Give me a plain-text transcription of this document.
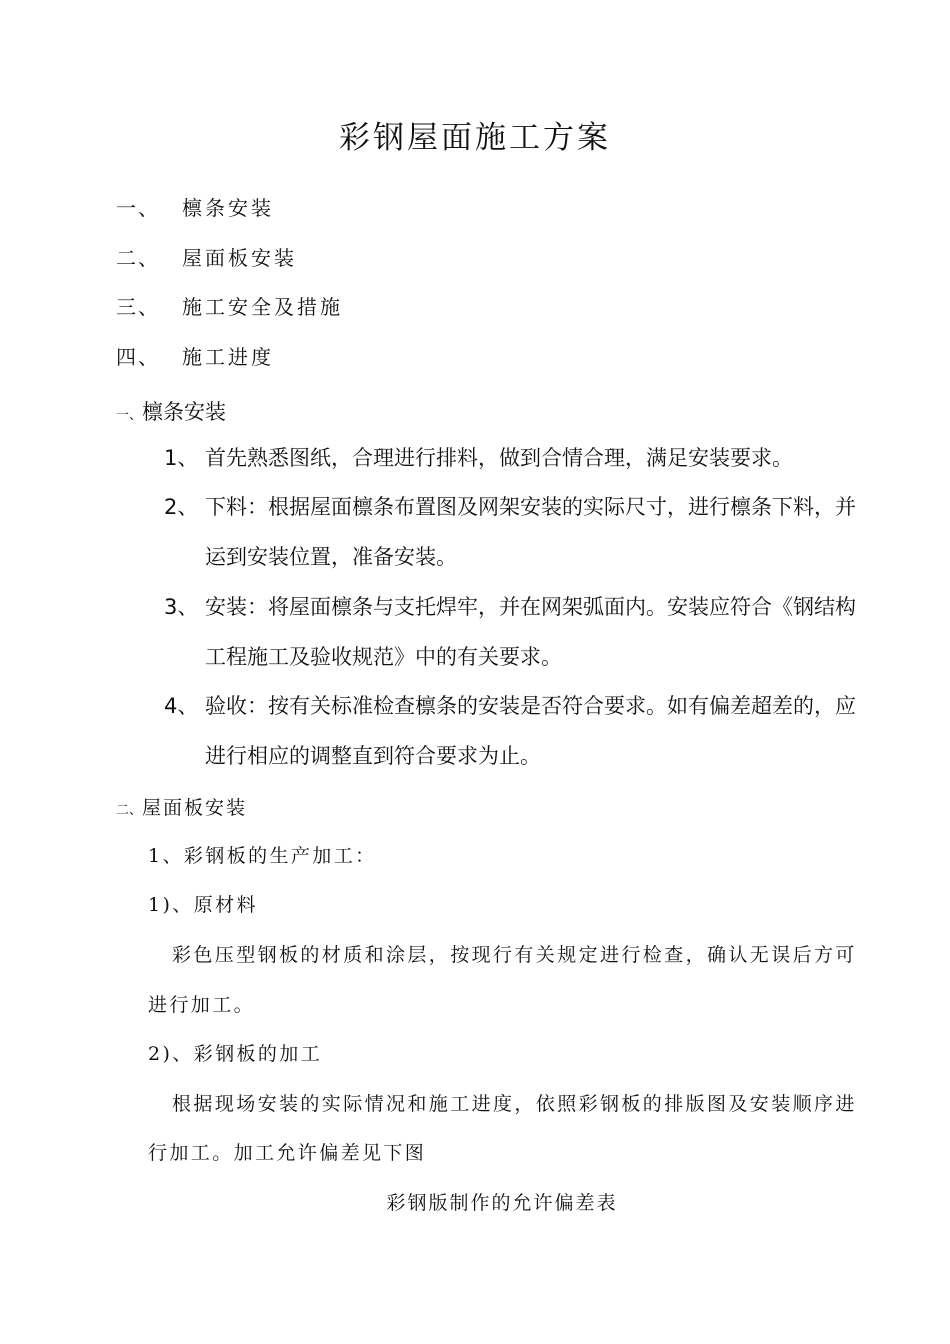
彩钢屋面施工方案
一、 檩条安装
二、 屋面板安装
三、 施工安全及措施
四、 施工进度
一、檩条安装
1、 首先熟悉图纸，合理进行排料，做到合情合理，满足安装要求。
2、 下料：根据屋面檩条布置图及网架安装的实际尺寸，进行檩条下料，并
运到安装位置，准备安装。
3、 安装：将屋面檩条与支托焊牢，并在网架弧面内。安装应符合《钢结构
工程施工及验收规范》中的有关要求。
4、 验收：按有关标准检查檩条的安装是否符合要求。如有偏差超差的，应
进行相应的调整直到符合要求为止。
二、屋面板安装
1、彩钢板的生产加工：
1)、原材料
彩色压型钢板的材质和涂层，按现行有关规定进行检查，确认无误后方可
进行加工。
2)、彩钢板的加工
根据现场安装的实际情况和施工进度，依照彩钢板的排版图及安装顺序进
行加工。加工允许偏差见下图
彩钢版制作的允许偏差表
